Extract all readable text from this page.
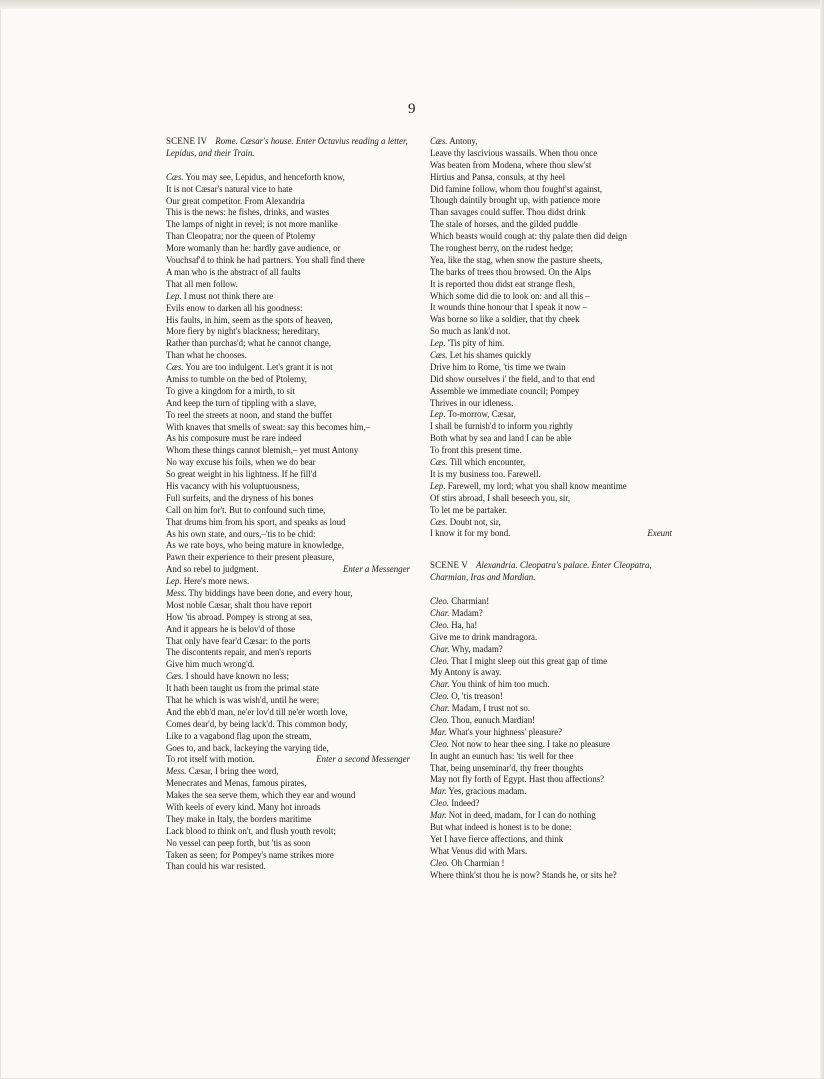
9
SCENE IV Rome. Cæsar's house. Enter Octavius reading a letter, Lepidus, and their Train.
Cæs. You may see, Lepidus, and henceforth know,
It is not Cæsar's natural vice to hate
Our great competitor. From Alexandria
This is the news: he fishes, drinks, and wastes
The lamps of night in revel; is not more manlike
Than Cleopatra; nor the queen of Ptolemy
More womanly than he: hardly gave audience, or
Vouchsaf'd to think he had partners. You shall find there
A man who is the abstract of all faults
That all men follow.
Lep. I must not think there are
Evils enow to darken all his goodness:
His faults, in him, seem as the spots of heaven,
More fiery by night's blackness; hereditary,
Rather than purchas'd; what he cannot change,
Than what he chooses.
Cæs. You are too indulgent. Let's grant it is not
Amiss to tumble on the bed of Ptolemy,
To give a kingdom for a mirth, to sit
And keep the turn of tippling with a slave,
To reel the streets at noon, and stand the buffet
With knaves that smells of sweat: say this becomes him,–
As his composure must be rare indeed
Whom these things cannot blemish,– yet must Antony
No way excuse his foils, when we do bear
So great weight in his lightness. If he fill'd
His vacancy with his voluptuousness,
Full surfeits, and the dryness of his bones
Call on him for't. But to confound such time,
That drums him from his sport, and speaks as loud
As his own state, and ours,–'tis to be chid:
As we rate boys, who being mature in knowledge,
Pawn their experience to their present pleasure,
And so rebel to judgment.	Enter a Messenger
Lep. Here's more news.
Mess. Thy biddings have been done, and every hour,
Most noble Cæsar, shalt thou have report
How 'tis abroad. Pompey is strong at sea,
And it appears he is belov'd of those
That only have fear'd Cæsar: to the ports
The discontents repair, and men's reports
Give him much wrong'd.
Cæs. I should have known no less;
It hath been taught us from the primal state
That he which is was wish'd, until he were;
And the ebb'd man, ne'er lov'd till ne'er worth love,
Comes dear'd, by being lack'd. This common body,
Like to a vagabond flag upon the stream,
Goes to, and back, lackeying the varying tide,
To rot itself with motion.	Enter a second Messenger
Mess. Cæsar, I bring thee word,
Menecrates and Menas, famous pirates,
Makes the sea serve them, which they ear and wound
With keels of every kind. Many hot inroads
They make in Italy, the borders maritime
Lack blood to think on't, and flush youth revolt;
No vessel can peep forth, but 'tis as soon
Taken as seen; for Pompey's name strikes more
Than could his war resisted.
Cæs. Antony,
Leave thy lascivious wassails. When thou once
Was beaten from Modena, where thou slew'st
Hirtius and Pansa, consuls, at thy heel
Did famine follow, whom thou fought'st against,
Though daintily brought up, with patience more
Than savages could suffer. Thou didst drink
The stale of horses, and the gilded puddle
Which beasts would cough at: thy palate then did deign
The roughest berry, on the rudest hedge;
Yea, like the stag, when snow the pasture sheets,
The barks of trees thou browsed. On the Alps
It is reported thou didst eat strange flesh,
Which some did die to look on: and all this –
It wounds thine honour that I speak it now –
Was borne so like a soldier, that thy cheek
So much as lank'd not.
Lep. 'Tis pity of him.
Cæs. Let his shames quickly
Drive him to Rome, 'tis time we twain
Did show ourselves i' the field, and to that end
Assemble we immediate council; Pompey
Thrives in our idleness.
Lep. To-morrow, Cæsar,
I shall be furnish'd to inform you rightly
Both what by sea and land I can be able
To front this present time.
Cæs. Till which encounter,
It is my business too. Farewell.
Lep. Farewell, my lord; what you shall know meantime
Of stirs abroad, I shall beseech you, sir,
To let me be partaker.
Cæs. Doubt not, sir,
I know it for my bond.	Exeunt
SCENE V Alexandria. Cleopatra's palace. Enter Cleopatra, Charmian, Iras and Mardian.
Cleo. Charmian!
Char. Madam?
Cleo. Ha, ha!
Give me to drink mandragora.
Char. Why, madam?
Cleo. That I might sleep out this great gap of time
My Antony is away.
Char. You think of him too much.
Cleo. O, 'tis treason!
Char. Madam, I trust not so.
Cleo. Thou, eunuch Mardian!
Mar. What's your highness' pleasure?
Cleo. Not now to hear thee sing. I take no pleasure
In aught an eunuch has: 'tis well for thee
That, being unseminar'd, thy freer thoughts
May not fly forth of Egypt. Hast thou affections?
Mar. Yes, gracious madam.
Cleo. Indeed?
Mar. Not in deed, madam, for I can do nothing
But what indeed is honest is to be done:
Yet I have fierce affections, and think
What Venus did with Mars.
Cleo. Oh Charmian !
Where think'st thou he is now? Stands he, or sits he?
